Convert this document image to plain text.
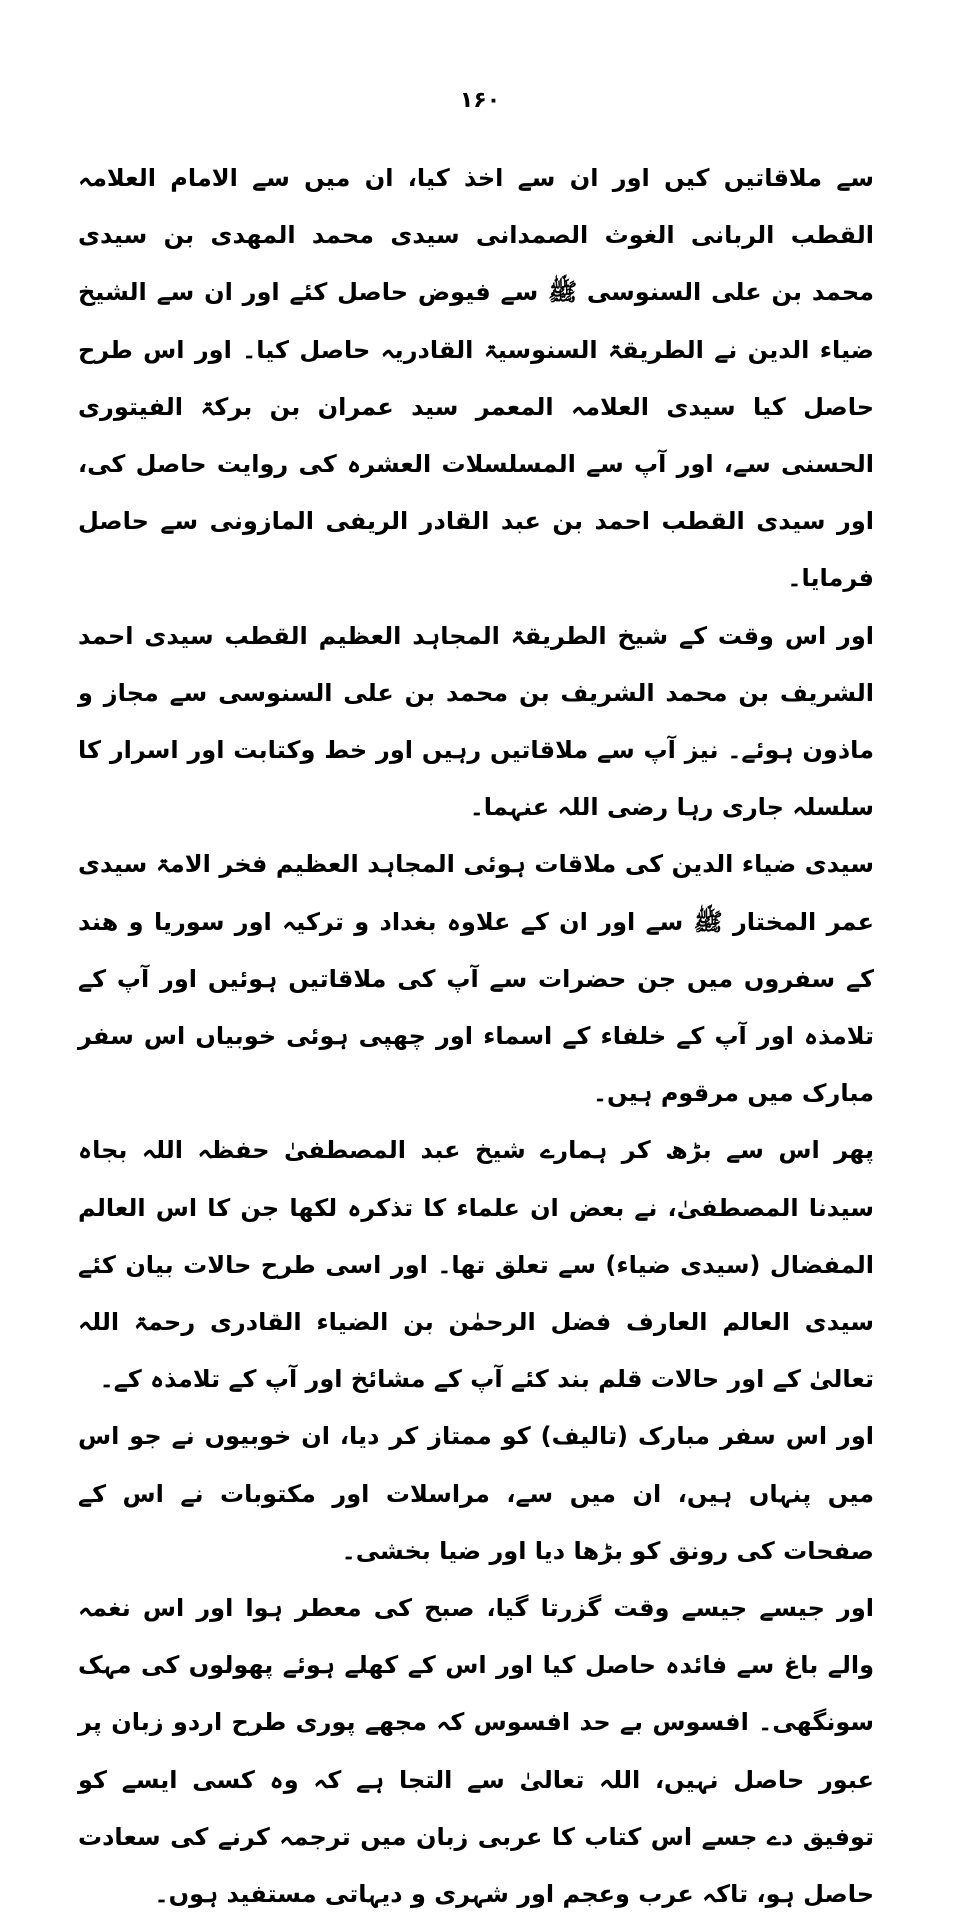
۱۶۰

سے ملاقاتیں کیں اور ان سے اخذ کیا، ان میں سے الامام العلامہ القطب الربانی الغوث الصمدانی سیدی محمد المهدی بن سیدی محمد بن علی السنوسی ﷺ سے فیوض حاصل کئے اور ان سے الشیخ ضیاء الدین نے الطریقۃ السنوسیۃ القادریہ حاصل کیا۔ اور اس طرح حاصل کیا سیدی العلامہ المعمر سید عمران بن برکۃ الفیتوری الحسنی سے، اور آپ سے المسلسلات العشرہ کی روایت حاصل کی، اور سیدی القطب احمد بن عبد القادر الریفی المازونی سے حاصل فرمایا۔

اور اس وقت کے شیخ الطریقۃ المجاہد العظیم القطب سیدی احمد الشریف بن محمد الشریف بن محمد بن علی السنوسی سے مجاز و ماذون ہوئے۔ نیز آپ سے ملاقاتیں رہیں اور خط وکتابت اور اسرار کا سلسلہ جاری رہا رضی اللہ عنہما۔

سیدی ضیاء الدین کی ملاقات ہوئی المجاہد العظیم فخر الامۃ سیدی عمر المختار ﷺ سے اور ان کے علاوہ بغداد و ترکیہ اور سوریا و ھند کے سفروں میں جن حضرات سے آپ کی ملاقاتیں ہوئیں اور آپ کے تلامذہ اور آپ کے خلفاء کے اسماء اور چھپی ہوئی خوبیاں اس سفر مبارک میں مرقوم ہیں۔

پھر اس سے بڑھ کر ہمارے شیخ عبد المصطفیٰ حفظہ اللہ بجاہ سیدنا المصطفیٰ، نے بعض ان علماء کا تذکرہ لکھا جن کا اس العالم المفضال (سیدی ضیاء) سے تعلق تھا۔ اور اسی طرح حالات بیان کئے سیدی العالم العارف فضل الرحمٰن بن الضیاء القادری رحمۃ اللہ تعالیٰ کے اور حالات قلم بند کئے آپ کے مشائخ اور آپ کے تلامذہ کے۔

اور اس سفر مبارک (تالیف) کو ممتاز کر دیا، ان خوبیوں نے جو اس میں پنہاں ہیں، ان میں سے، مراسلات اور مکتوبات نے اس کے صفحات کی رونق کو بڑھا دیا اور ضیا بخشی۔

اور جیسے جیسے وقت گزرتا گیا، صبح کی معطر ہوا اور اس نغمہ والے باغ سے فائدہ حاصل کیا اور اس کے کھلے ہوئے پھولوں کی مہک سونگھی۔ افسوس بے حد افسوس کہ مجھے پوری طرح اردو زبان پر عبور حاصل نہیں، اللہ تعالیٰ سے التجا ہے کہ وہ کسی ایسے کو توفیق دے جسے اس کتاب کا عربی زبان میں ترجمہ کرنے کی سعادت حاصل ہو، تاکہ عرب وعجم اور شہری و دیہاتی مستفید ہوں۔
